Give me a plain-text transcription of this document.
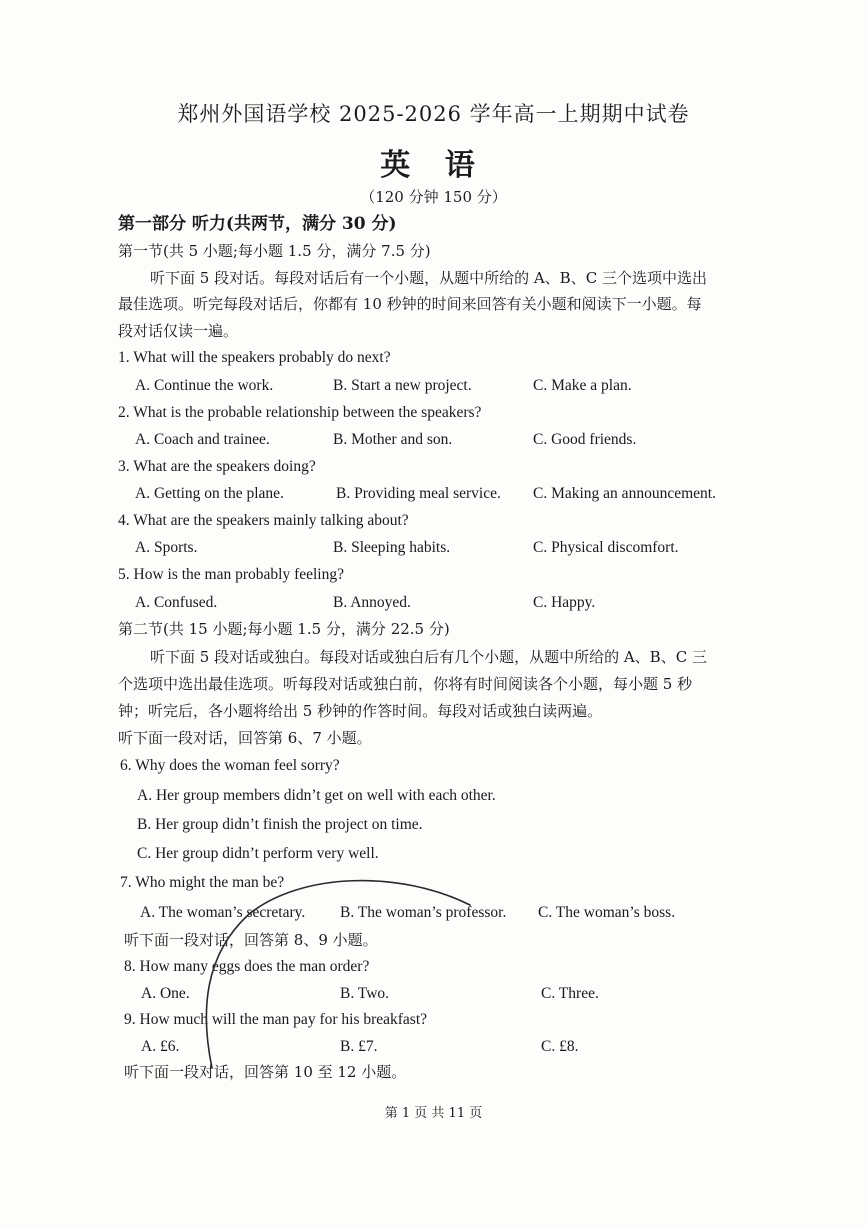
郑州外国语学校 2025-2026 学年高一上期期中试卷
英 语
（120 分钟 150 分）
第一部分 听力(共两节，满分 30 分)
第一节(共 5 小题;每小题 1.5 分，满分 7.5 分)
听下面 5 段对话。每段对话后有一个小题，从题中所给的 A、B、C 三个选项中选出
最佳选项。听完每段对话后，你都有 10 秒钟的时间来回答有关小题和阅读下一小题。每
段对话仅读一遍。
1. What will the speakers probably do next?
A. Continue the work.	B. Start a new project.	C. Make a plan.
2. What is the probable relationship between the speakers?
A. Coach and trainee.	B. Mother and son.	C. Good friends.
3. What are the speakers doing?
A. Getting on the plane.	B. Providing meal service. C. Making an announcement.
4. What are the speakers mainly talking about?
A. Sports.	B. Sleeping habits.	C. Physical discomfort.
5. How is the man probably feeling?
A. Confused.	B. Annoyed.	C. Happy.
第二节(共 15 小题;每小题 1.5 分，满分 22.5 分)
听下面 5 段对话或独白。每段对话或独白后有几个小题，从题中所给的 A、B、C 三
个选项中选出最佳选项。听每段对话或独白前，你将有时间阅读各个小题，每小题 5 秒
钟；听完后，各小题将给出 5 秒钟的作答时间。每段对话或独白读两遍。
听下面一段对话，回答第 6、7 小题。
6. Why does the woman feel sorry?
A. Her group members didn’t get on well with each other.
B. Her group didn’t finish the project on time.
C. Her group didn’t perform very well.
7. Who might the man be?
A. The woman’s secretary. B. The woman’s professor. C. The woman’s boss.
听下面一段对话，回答第 8、9 小题。
8. How many eggs does the man order?
A. One.	B. Two.	C. Three.
9. How much will the man pay for his breakfast?
A. £6.	B. £7.	C. £8.
听下面一段对话，回答第 10 至 12 小题。
第 1 页 共 11 页
